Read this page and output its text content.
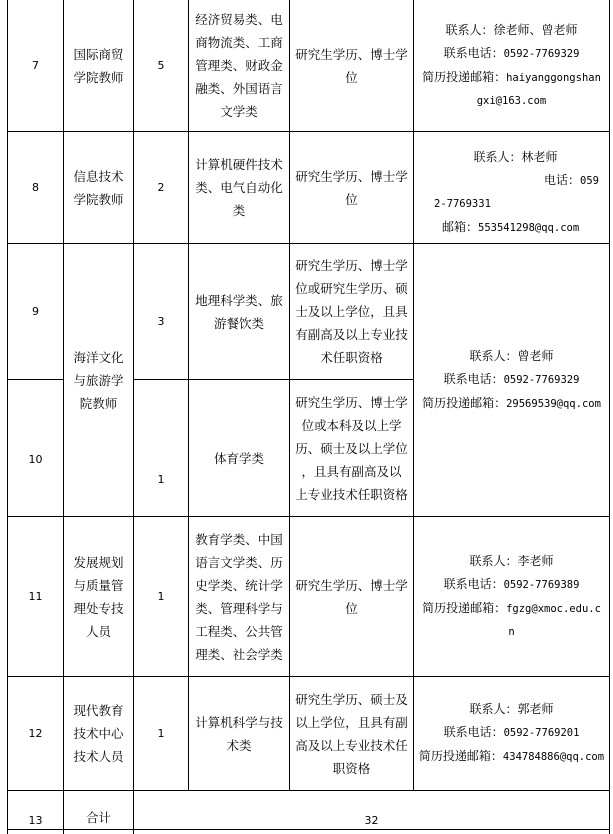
7
国际商贸
学院教师
5
经济贸易类、电
商物流类、工商
管理类、财政金
融类、外国语言
文学类
研究生学历、博士学
位
联系人：徐老师、曾老师
联系电话：0592-7769329
简历投递邮箱：haiyanggongshan
gxi@163.com
8
信息技术
学院教师
2
计算机硬件技术
类、电气自动化
类
研究生学历、博士学
位
联系人：林老师
电话：059
2-7769331
邮箱：553541298@qq.com
9
10
海洋文化
与旅游学
院教师
3
1
地理科学类、旅
游餐饮类
体育学类
研究生学历、博士学
位或研究生学历、硕
士及以上学位，且具
有副高及以上专业技
术任职资格
研究生学历、博士学
位或本科及以上学
历、硕士及以上学位
，且具有副高及以
上专业技术任职资格
联系人：曾老师
联系电话：0592-7769329
简历投递邮箱：29569539@qq.com
11
发展规划
与质量管
理处专技
人员
1
教育学类、中国
语言文学类、历
史学类、统计学
类、管理科学与
工程类、公共管
理类、社会学类
研究生学历、博士学
位
联系人：李老师
联系电话：0592-7769389
简历投递邮箱：fgzg@xmoc.edu.c
n
12
现代教育
技术中心
技术人员
1
计算机科学与技
术类
研究生学历、硕士及
以上学位，且具有副
高及以上专业技术任
职资格
联系人：郭老师
联系电话：0592-7769201
简历投递邮箱：434784886@qq.com
13	合计	32
